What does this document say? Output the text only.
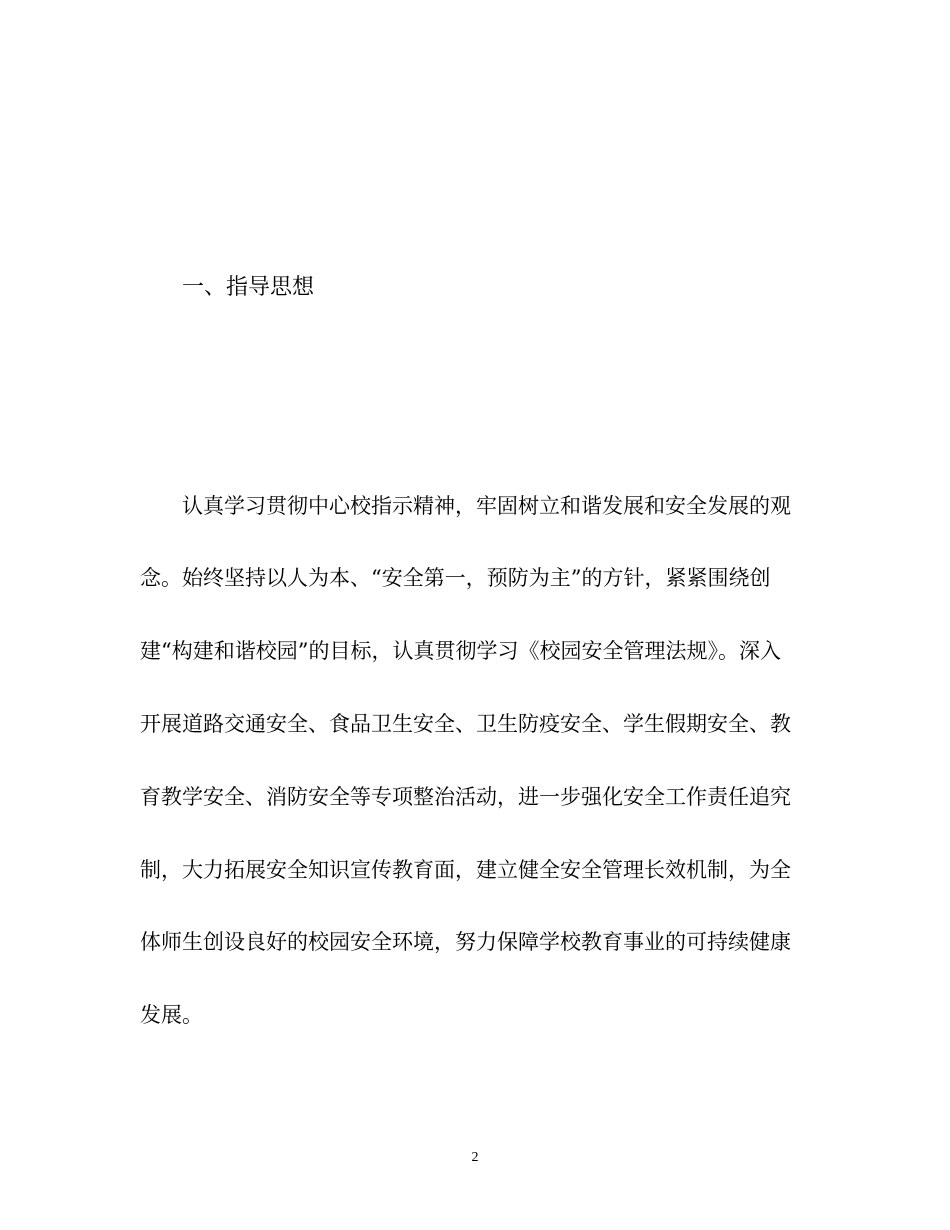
一、指导思想

认真学习贯彻中心校指示精神，牢固树立和谐发展和安全发展的观

念。始终坚持以人为本、“安全第一，预防为主”的方针，紧紧围绕创

建“构建和谐校园”的目标，认真贯彻学习《校园安全管理法规》。深入

开展道路交通安全、食品卫生安全、卫生防疫安全、学生假期安全、教

育教学安全、消防安全等专项整治活动，进一步强化安全工作责任追究

制，大力拓展安全知识宣传教育面，建立健全安全管理长效机制，为全

体师生创设良好的校园安全环境，努力保障学校教育事业的可持续健康

发展。

2
